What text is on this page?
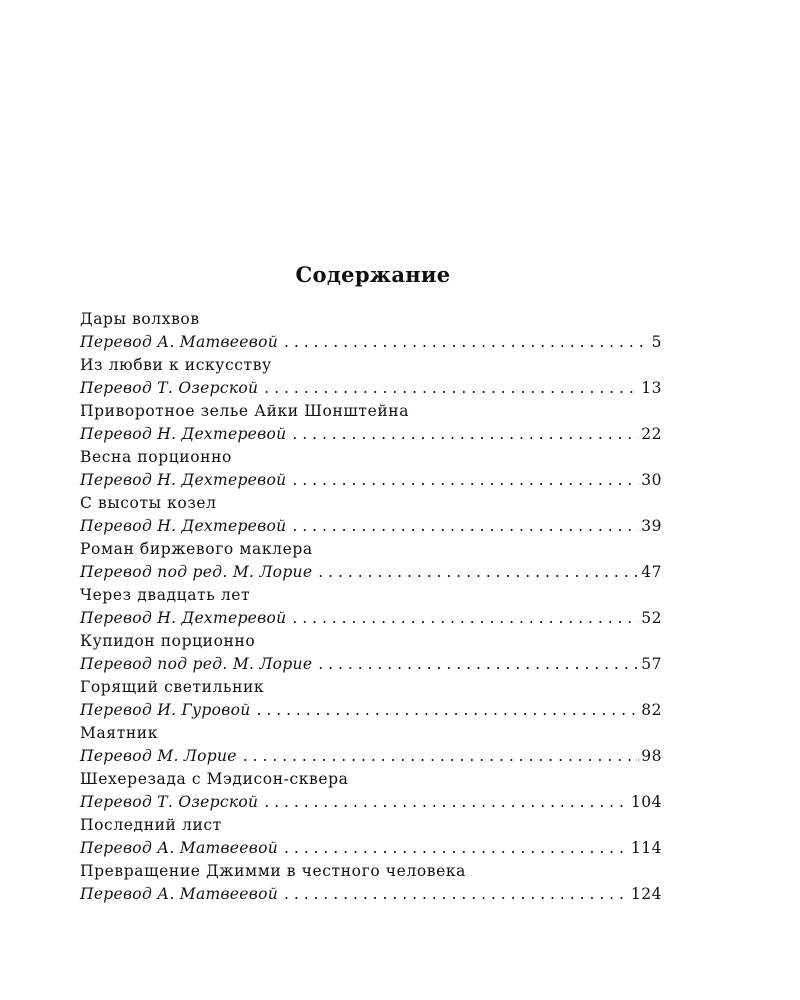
Содержание
Дары волхвов
Перевод А. Матвеевой . . .	5
Из любви к искусству
Перевод Т. Озерской . . .	13
Приворотное зелье Айки Шонштейна
Перевод Н. Дехтеревой . . .	22
Весна порционно
Перевод Н. Дехтеревой . . .	30
С высоты козел
Перевод Н. Дехтеревой . . .	39
Роман биржевого маклера
Перевод под ред. М. Лорие . . .	47
Через двадцать лет
Перевод Н. Дехтеревой . . .	52
Купидон порционно
Перевод под ред. М. Лорие . . .	57
Горящий светильник
Перевод И. Гуровой . . .	82
Маятник
Перевод М. Лорие . . .	98
Шехерезада с Мэдисон-сквера
Перевод Т. Озерской . . .	104
Последний лист
Перевод А. Матвеевой . . .	114
Превращение Джимми в честного человека
Перевод А. Матвеевой . . .	124
